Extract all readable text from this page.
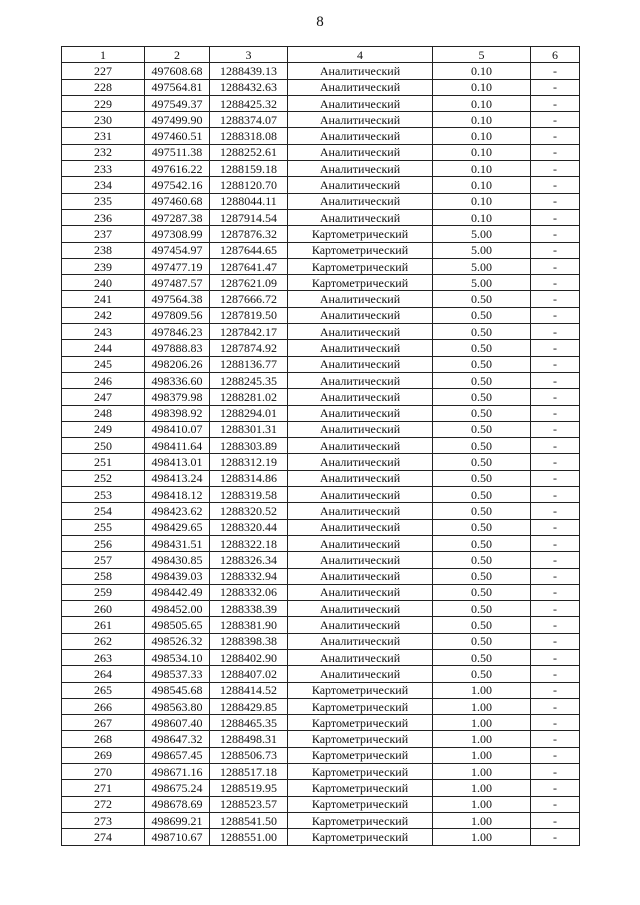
8
1	2	3	4	5	6
227	497608.68	1288439.13	Аналитический	0.10	-
228	497564.81	1288432.63	Аналитический	0.10	-
229	497549.37	1288425.32	Аналитический	0.10	-
230	497499.90	1288374.07	Аналитический	0.10	-
231	497460.51	1288318.08	Аналитический	0.10	-
232	497511.38	1288252.61	Аналитический	0.10	-
233	497616.22	1288159.18	Аналитический	0.10	-
234	497542.16	1288120.70	Аналитический	0.10	-
235	497460.68	1288044.11	Аналитический	0.10	-
236	497287.38	1287914.54	Аналитический	0.10	-
237	497308.99	1287876.32	Картометрический	5.00	-
238	497454.97	1287644.65	Картометрический	5.00	-
239	497477.19	1287641.47	Картометрический	5.00	-
240	497487.57	1287621.09	Картометрический	5.00	-
241	497564.38	1287666.72	Аналитический	0.50	-
242	497809.56	1287819.50	Аналитический	0.50	-
243	497846.23	1287842.17	Аналитический	0.50	-
244	497888.83	1287874.92	Аналитический	0.50	-
245	498206.26	1288136.77	Аналитический	0.50	-
246	498336.60	1288245.35	Аналитический	0.50	-
247	498379.98	1288281.02	Аналитический	0.50	-
248	498398.92	1288294.01	Аналитический	0.50	-
249	498410.07	1288301.31	Аналитический	0.50	-
250	498411.64	1288303.89	Аналитический	0.50	-
251	498413.01	1288312.19	Аналитический	0.50	-
252	498413.24	1288314.86	Аналитический	0.50	-
253	498418.12	1288319.58	Аналитический	0.50	-
254	498423.62	1288320.52	Аналитический	0.50	-
255	498429.65	1288320.44	Аналитический	0.50	-
256	498431.51	1288322.18	Аналитический	0.50	-
257	498430.85	1288326.34	Аналитический	0.50	-
258	498439.03	1288332.94	Аналитический	0.50	-
259	498442.49	1288332.06	Аналитический	0.50	-
260	498452.00	1288338.39	Аналитический	0.50	-
261	498505.65	1288381.90	Аналитический	0.50	-
262	498526.32	1288398.38	Аналитический	0.50	-
263	498534.10	1288402.90	Аналитический	0.50	-
264	498537.33	1288407.02	Аналитический	0.50	-
265	498545.68	1288414.52	Картометрический	1.00	-
266	498563.80	1288429.85	Картометрический	1.00	-
267	498607.40	1288465.35	Картометрический	1.00	-
268	498647.32	1288498.31	Картометрический	1.00	-
269	498657.45	1288506.73	Картометрический	1.00	-
270	498671.16	1288517.18	Картометрический	1.00	-
271	498675.24	1288519.95	Картометрический	1.00	-
272	498678.69	1288523.57	Картометрический	1.00	-
273	498699.21	1288541.50	Картометрический	1.00	-
274	498710.67	1288551.00	Картометрический	1.00	-
